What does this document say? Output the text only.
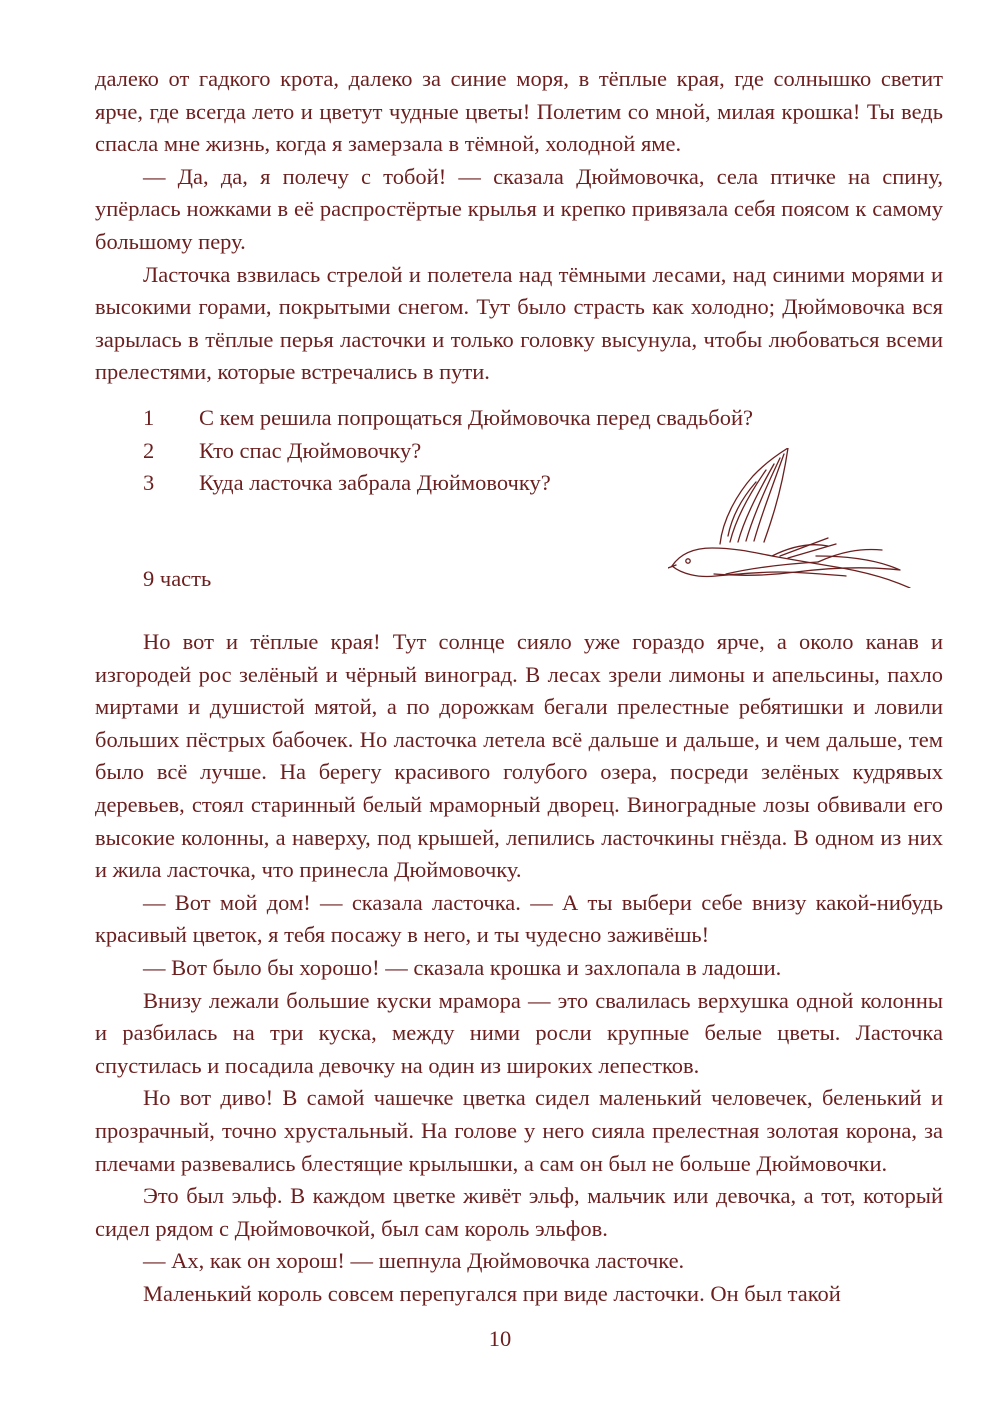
далеко от гадкого крота, далеко за синие моря, в тёплые края, где солнышко светит ярче, где всегда лето и цветут чудные цветы! Полетим со мной, милая крошка! Ты ведь спасла мне жизнь, когда я замерзала в тёмной, холодной яме.

— Да, да, я полечу с тобой! — сказала Дюймовочка, села птичке на спину, упёрлась ножками в её распростёртые крылья и крепко привязала себя поясом к самому большому перу.

Ласточка взвилась стрелой и полетела над тёмными лесами, над синими морями и высокими горами, покрытыми снегом. Тут было страсть как холодно; Дюймовочка вся зарылась в тёплые перья ласточки и только головку высунула, чтобы любоваться всеми прелестями, которые встречались в пути.

1	С кем решила попрощаться Дюймовочка перед свадьбой?
2	Кто спас Дюймовочку?
3	Куда ласточка забрала Дюймовочку?
9 часть

Но вот и тёплые края! Тут солнце сияло уже гораздо ярче, а около канав и изгородей рос зелёный и чёрный виноград. В лесах зрели лимоны и апельсины, пахло миртами и душистой мятой, а по дорожкам бегали прелестные ребятишки и ловили больших пёстрых бабочек. Но ласточка летела всё дальше и дальше, и чем дальше, тем было всё лучше. На берегу красивого голубого озера, посреди зелёных кудрявых деревьев, стоял старинный белый мраморный дворец. Виноградные лозы обвивали его высокие колонны, а наверху, под крышей, лепились ласточкины гнёзда. В одном из них и жила ласточка, что принесла Дюймовочку.

— Вот мой дом! — сказала ласточка. — А ты выбери себе внизу какой-нибудь красивый цветок, я тебя посажу в него, и ты чудесно заживёшь!

— Вот было бы хорошо! — сказала крошка и захлопала в ладоши.

Внизу лежали большие куски мрамора — это свалилась верхушка одной колонны и разбилась на три куска, между ними росли крупные белые цветы. Ласточка спустилась и посадила девочку на один из широких лепестков.

Но вот диво! В самой чашечке цветка сидел маленький человечек, беленький и прозрачный, точно хрустальный. На голове у него сияла прелестная золотая корона, за плечами развевались блестящие крылышки, а сам он был не больше Дюймовочки.

Это был эльф. В каждом цветке живёт эльф, мальчик или девочка, а тот, который сидел рядом с Дюймовочкой, был сам король эльфов.

— Ах, как он хорош! — шепнула Дюймовочка ласточке.

Маленький король совсем перепугался при виде ласточки. Он был такой

10
